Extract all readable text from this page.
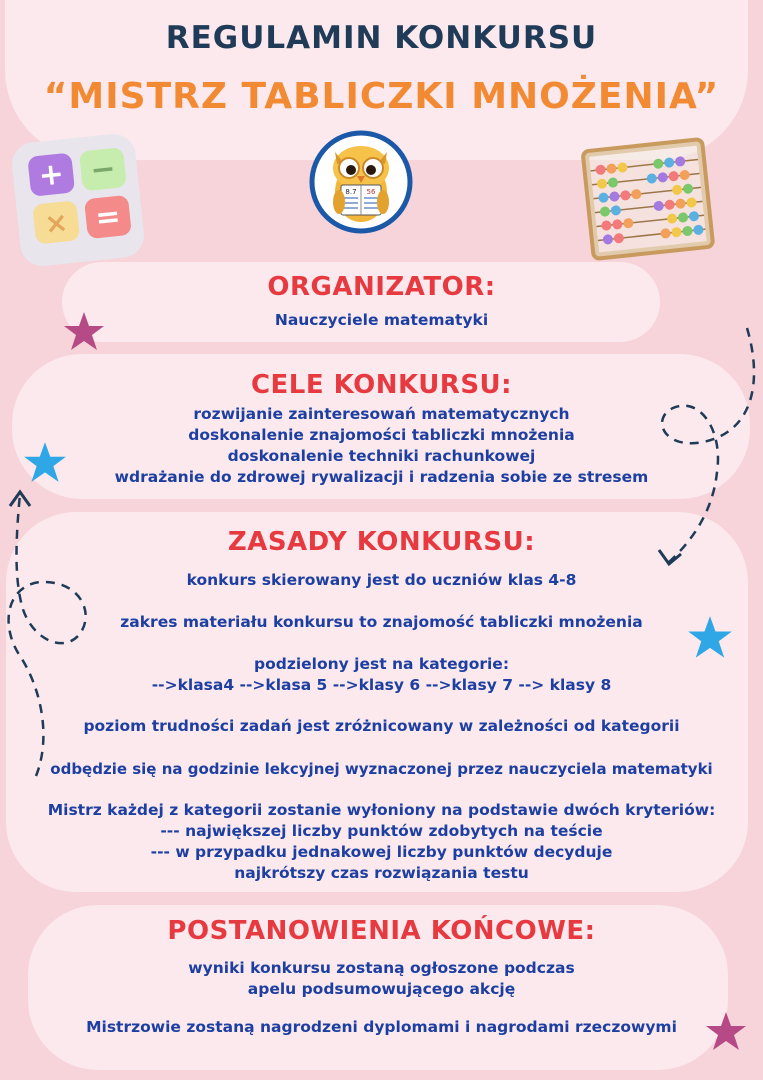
REGULAMIN KONKURSU
“MISTRZ TABLICZKI MNOŻENIA”
+ −
× =
8.7 56
ORGANIZATOR:
Nauczyciele matematyki
CELE KONKURSU:
rozwijanie zainteresowań matematycznych
doskonalenie znajomości tabliczki mnożenia
doskonalenie techniki rachunkowej
wdrażanie do zdrowej rywalizacji i radzenia sobie ze stresem
ZASADY KONKURSU:
konkurs skierowany jest do uczniów klas 4-8
zakres materiału konkursu to znajomość tabliczki mnożenia
podzielony jest na kategorie:
-->klasa4 -->klasa 5 -->klasy 6 -->klasy 7 --> klasy 8
poziom trudności zadań jest zróżnicowany w zależności od kategorii
odbędzie się na godzinie lekcyjnej wyznaczonej przez nauczyciela matematyki
Mistrz każdej z kategorii zostanie wyłoniony na podstawie dwóch kryteriów:
--- największej liczby punktów zdobytych na teście
--- w przypadku jednakowej liczby punktów decyduje
najkrótszy czas rozwiązania testu
POSTANOWIENIA KOŃCOWE:
wyniki konkursu zostaną ogłoszone podczas
apelu podsumowującego akcję
Mistrzowie zostaną nagrodzeni dyplomami i nagrodami rzeczowymi
